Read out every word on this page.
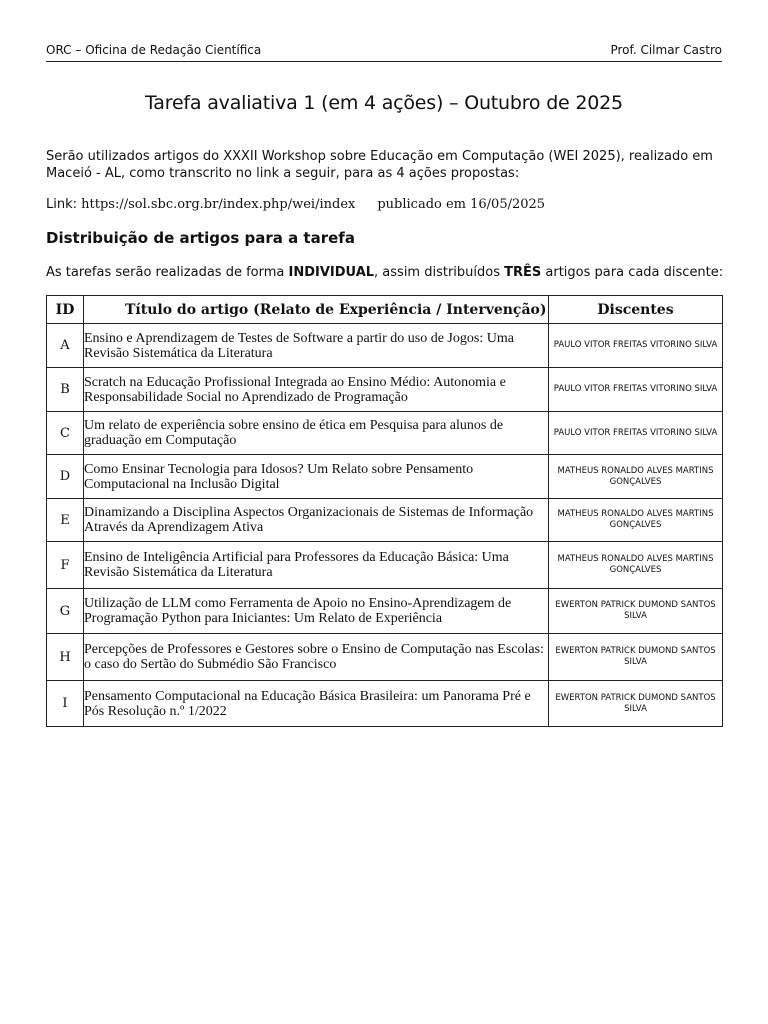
ORC – Oficina de Redação Científica	Prof. Cilmar Castro
Tarefa avaliativa 1 (em 4 ações) – Outubro de 2025
Serão utilizados artigos do XXXII Workshop sobre Educação em Computação (WEI 2025), realizado em Maceió - AL, como transcrito no link a seguir, para as 4 ações propostas:
Link: https://sol.sbc.org.br/index.php/wei/index publicado em 16/05/2025
Distribuição de artigos para a tarefa
As tarefas serão realizadas de forma INDIVIDUAL, assim distribuídos TRÊS artigos para cada discente:
ID	Título do artigo (Relato de Experiência / Intervenção)	Discentes
A	Ensino e Aprendizagem de Testes de Software a partir do uso de Jogos: Uma Revisão Sistemática da Literatura	PAULO VITOR FREITAS VITORINO SILVA
B	Scratch na Educação Profissional Integrada ao Ensino Médio: Autonomia e Responsabilidade Social no Aprendizado de Programação	PAULO VITOR FREITAS VITORINO SILVA
C	Um relato de experiência sobre ensino de ética em Pesquisa para alunos de graduação em Computação	PAULO VITOR FREITAS VITORINO SILVA
D	Como Ensinar Tecnologia para Idosos? Um Relato sobre Pensamento Computacional na Inclusão Digital	MATHEUS RONALDO ALVES MARTINS GONÇALVES
E	Dinamizando a Disciplina Aspectos Organizacionais de Sistemas de Informação Através da Aprendizagem Ativa	MATHEUS RONALDO ALVES MARTINS GONÇALVES
F	Ensino de Inteligência Artificial para Professores da Educação Básica: Uma Revisão Sistemática da Literatura	MATHEUS RONALDO ALVES MARTINS GONÇALVES
G	Utilização de LLM como Ferramenta de Apoio no Ensino-Aprendizagem de Programação Python para Iniciantes: Um Relato de Experiência	EWERTON PATRICK DUMOND SANTOS SILVA
H	Percepções de Professores e Gestores sobre o Ensino de Computação nas Escolas: o caso do Sertão do Submédio São Francisco	EWERTON PATRICK DUMOND SANTOS SILVA
I	Pensamento Computacional na Educação Básica Brasileira: um Panorama Pré e Pós Resolução n.º 1/2022	EWERTON PATRICK DUMOND SANTOS SILVA
